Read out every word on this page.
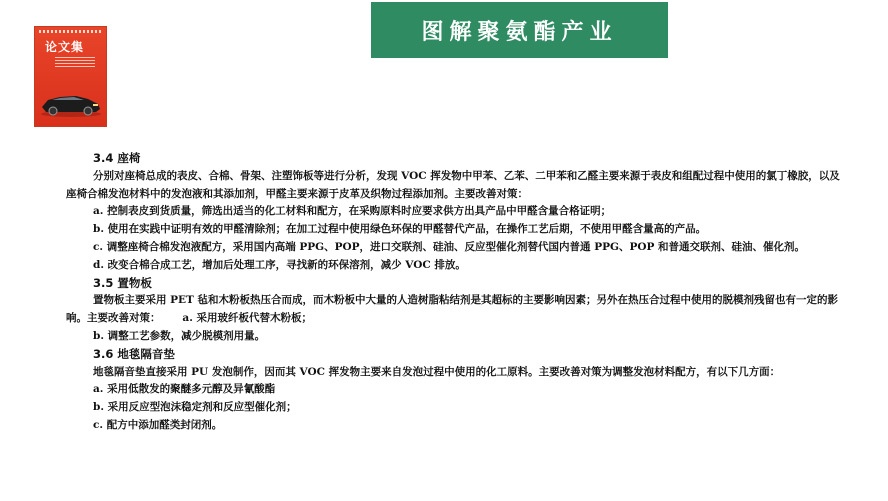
图解聚氨酯产业
论文集
3.4 座椅
分别对座椅总成的表皮、合棉、骨架、注塑饰板等进行分析，发现 VOC 挥发物中甲苯、乙苯、二甲苯和乙醛主要来源于表皮和组配过程中使用的氯丁橡胶，以及座椅合棉发泡材料中的发泡液和其添加剂，甲醛主要来源于皮革及织物过程添加剂。主要改善对策：
a. 控制表皮到货质量，筛选出适当的化工材料和配方，在采购原料时应要求供方出具产品中甲醛含量合格证明；
b. 使用在实践中证明有效的甲醛清除剂；在加工过程中使用绿色环保的甲醛替代产品，在操作工艺后期，不使用甲醛含量高的产品。
c. 调整座椅合棉发泡液配方，采用国内高端 PPG、POP，进口交联剂、硅油、反应型催化剂替代国内普通 PPG、POP 和普通交联剂、硅油、催化剂。
d. 改变合棉合成工艺，增加后处理工序，寻找新的环保溶剂，减少 VOC 排放。
3.5 置物板
置物板主要采用 PET 毡和木粉板热压合而成，而木粉板中大量的人造树脂粘结剂是其超标的主要影响因素；另外在热压合过程中使用的脱模剂残留也有一定的影响。主要改善对策：      a. 采用玻纤板代替木粉板；
b. 调整工艺参数，减少脱模剂用量。
3.6 地毯隔音垫
地毯隔音垫直接采用 PU 发泡制作，因而其 VOC 挥发物主要来自发泡过程中使用的化工原料。主要改善对策为调整发泡材料配方，有以下几方面：
a. 采用低散发的聚醚多元醇及异氰酸酯
b. 采用反应型泡沫稳定剂和反应型催化剂；
c. 配方中添加醛类封闭剂。
